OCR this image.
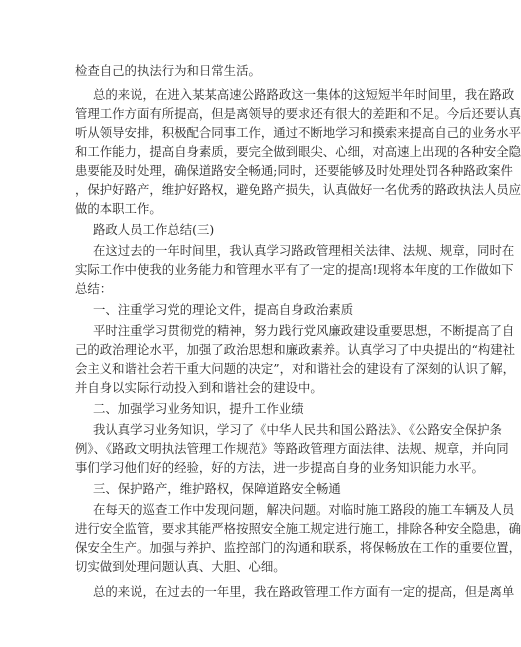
检查自己的执法行为和日常生活。
总的来说，在进入某某高速公路路政这一集体的这短短半年时间里，我在路政
管理工作方面有所提高，但是离领导的要求还有很大的差距和不足。今后还要认真
听从领导安排，积极配合同事工作，通过不断地学习和摸索来提高自己的业务水平
和工作能力，提高自身素质，要完全做到眼尖、心细，对高速上出现的各种安全隐
患要能及时处理，确保道路安全畅通;同时，还要能够及时处理处罚各种路政案件
，保护好路产，维护好路权，避免路产损失，认真做好一名优秀的路政执法人员应
做的本职工作。
路政人员工作总结(三)
在这过去的一年时间里，我认真学习路政管理相关法律、法规、规章，同时在
实际工作中使我的业务能力和管理水平有了一定的提高!现将本年度的工作做如下
总结：
一、注重学习党的理论文件，提高自身政治素质
平时注重学习贯彻党的精神，努力践行党风廉政建设重要思想，不断提高了自
己的政治理论水平，加强了政治思想和廉政素养。认真学习了中央提出的“构建社
会主义和谐社会若干重大问题的决定”，对和谐社会的建设有了深刻的认识了解，
并自身以实际行动投入到和谐社会的建设中。
二、加强学习业务知识，提升工作业绩
我认真学习业务知识，学习了《中华人民共和国公路法》、《公路安全保护条
例》、《路政文明执法管理工作规范》等路政管理方面法律、法规、规章，并向同
事们学习他们好的经验，好的方法，进一步提高自身的业务知识能力水平。
三、保护路产，维护路权，保障道路安全畅通
在每天的巡查工作中发现问题，解决问题。对临时施工路段的施工车辆及人员
进行安全监管，要求其能严格按照安全施工规定进行施工，排除各种安全隐患，确
保安全生产。加强与养护、监控部门的沟通和联系，将保畅放在工作的重要位置，
切实做到处理问题认真、大胆、心细。
总的来说，在过去的一年里，我在路政管理工作方面有一定的提高，但是离单
